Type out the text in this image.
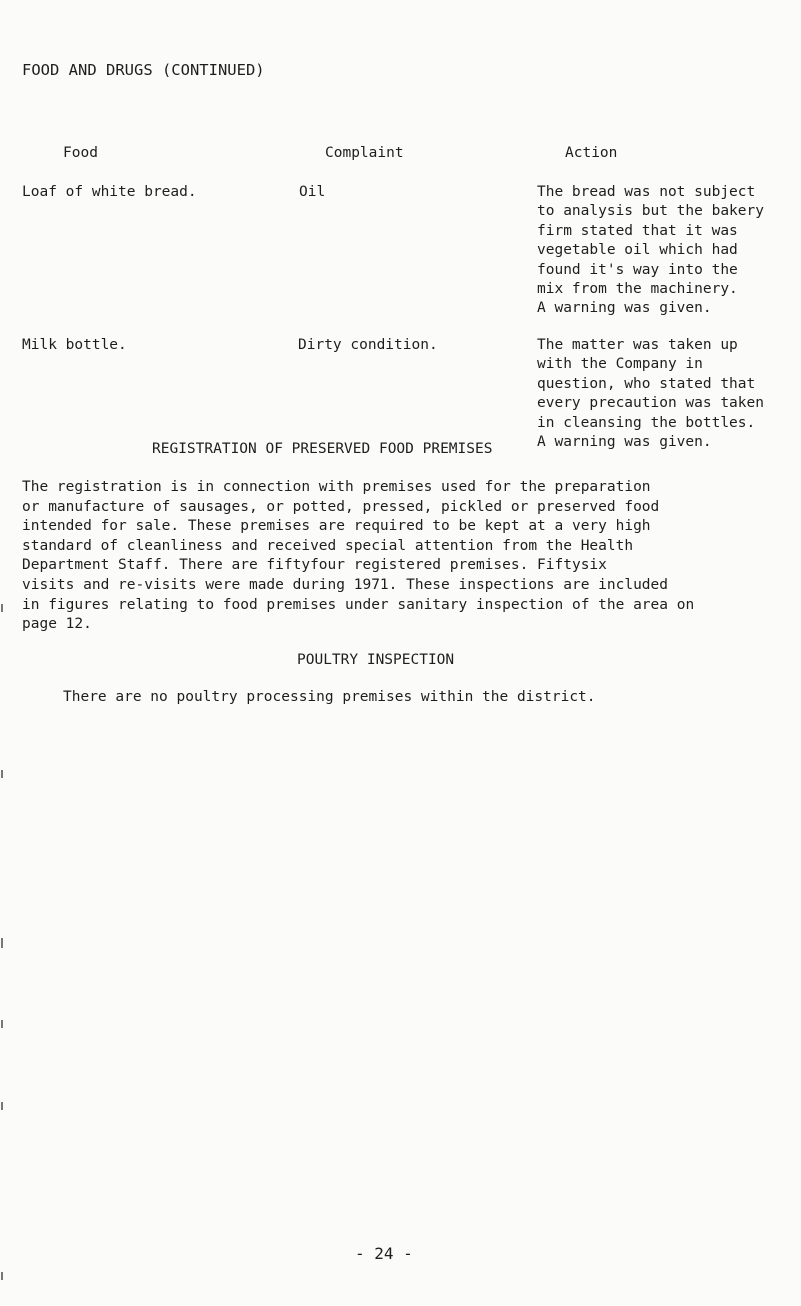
FOOD AND DRUGS (CONTINUED)
Food	Complaint	Action
Loaf of white bread.	Oil	The bread was not subject
to analysis but the bakery
firm stated that it was
vegetable oil which had
found it's way into the
mix from the machinery.
A warning was given.
Milk bottle.	Dirty condition.	The matter was taken up
with the Company in
question, who stated that
every precaution was taken
in cleansing the bottles.
A warning was given.
REGISTRATION OF PRESERVED FOOD PREMISES
The registration is in connection with premises used for the preparation
or manufacture of sausages, or potted, pressed, pickled or preserved food
intended for sale. These premises are required to be kept at a very high
standard of cleanliness and received special attention from the Health
Department Staff. There are fiftyfour registered premises. Fiftysix
visits and re-visits were made during 1971. These inspections are included
in figures relating to food premises under sanitary inspection of the area on
page 12.
POULTRY INSPECTION
There are no poultry processing premises within the district.
- 24 -
